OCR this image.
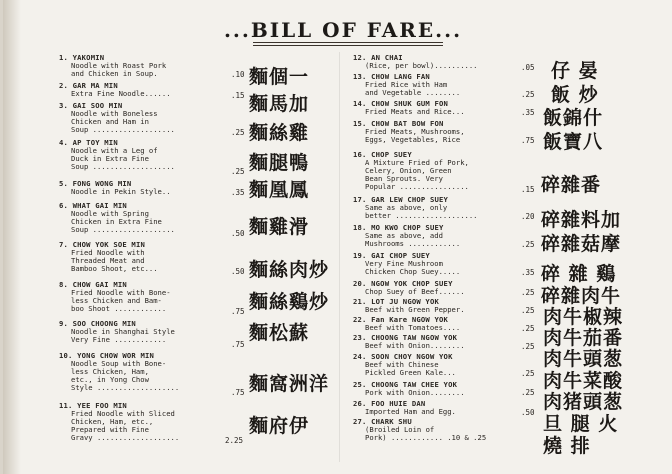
...BILL OF FARE...
1. YAKOMIN
Noodle with Roast Pork
and Chicken in Soup.
2. GAR MA MIN
Extra Fine Noodle......
3. GAI SOO MIN
Noodle with Boneless
Chicken and Ham in
Soup ...................
4. AP TOY MIN
Noodle with a Leg of
Duck in Extra Fine
Soup ...................
5. FONG WONG MIN
Noodle in Pekin Style..
6. WHAT GAI MIN
Noodle with Spring
Chicken in Extra Fine
Soup ...................
7. CHOW YOK SOE MIN
Fried Noodle with
Threaded Meat and
Bamboo Shoot, etc...
8. CHOW GAI MIN
Fried Noodle with Bone-
less Chicken and Bam-
boo Shoot ............
9. SOO CHOONG MIN
Noodle in Shanghai Style
Very Fine ............
10. YONG CHOW WOR MIN
Noodle Soup with Bone-
less Chicken, Ham,
etc., in Yong Chow
Style ...................
11. YEE FOO MIN
Fried Noodle with Sliced
Chicken, Ham, etc.,
Prepared with Fine
Gravy ...................
.10
.15
.25
.25
.35
.50
.50
.75
.75
.75
2.25
麵個一
麵馬加
麵絲雞
麵腿鴨
麵凰鳳
麵雞滑
麵絲肉炒
麵絲鷄炒
麵松蘇
麵窩洲洋
麵府伊
12. AN CHAI
(Rice, per bowl)..........
13. CHOW LANG FAN
Fried Rice with Ham
and Vegetable ........
14. CHOW SHUK GUM FON
Fried Meats and Rice...
15. CHOW BAT BOW FON
Fried Meats, Mushrooms,
Eggs, Vegetables, Rice
16. CHOP SUEY
A Mixture Fried of Pork,
Celery, Onion, Green
Bean Sprouts. Very
Popular ................
17. GAR LEW CHOP SUEY
Same as above, only
better ...................
18. MO KWO CHOP SUEY
Same as above, add
Mushrooms ............
19. GAI CHOP SUEY
Very Fine Mushroom
Chicken Chop Suey.....
20. NGOW YOK CHOP SUEY
Chop Suey of Beef......
21. LOT JU NGOW YOK
Beef with Green Pepper.
22. Fan Kare NGOW YOK
Beef with Tomatoes....
23. CHOONG TAW NGOW YOK
Beef with Onion........
24. SOON CHOY NGOW YOK
Beef with Chinese
Pickled Green Kale...
25. CHOONG TAW CHEE YOK
Pork with Onion........
26. FOO HUIE DAN
Imported Ham and Egg.
27. CHARK SHU
(Broiled Loin of
Pork) ............ .10 & .25
.05
.25
.35
.75
.15
.20
.25
.35
.25
.25
.25
.25
.25
.25
.50
仔 晏
飯 炒
飯錦什
飯寶八
碎雜番
碎雜料加
碎雜菇摩
碎 雜 鷄
碎雜肉牛
肉牛椒辣
肉牛茄番
肉牛頭葱
肉牛菜酸
肉猪頭葱
旦 腿 火
燒 排
